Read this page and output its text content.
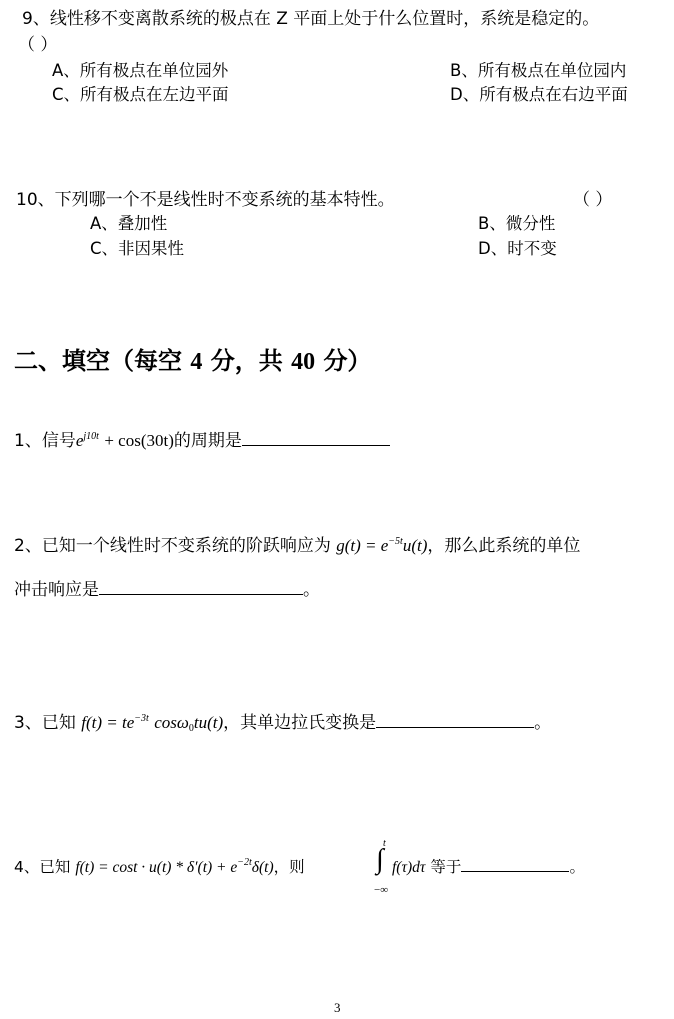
9、线性移不变离散系统的极点在 Z 平面上处于什么位置时，系统是稳定的。
（ ）
A、所有极点在单位园外	B、所有极点在单位园内
C、所有极点在左边平面	D、所有极点在右边平面
10、下列哪一个不是线性时不变系统的基本特性。	（ ）
A、叠加性	B、微分性
C、非因果性	D、时不变
二、填空（每空 4 分，共 40 分）
1、信号$e^{j10t} + \cos(30t)$的周期是
2、已知一个线性时不变系统的阶跃响应为 $g(t) = e^{-5t}u(t)$，那么此系统的单位
冲击响应是	。
3、已知 $f(t) = te^{-3t}$ cosω$_0$tu(t)，其单边拉氏变换是	。
4、已知 $f(t) = \cos t \cdot u(t) * \delta'(t) + e^{-2t}\delta(t)$，则
t
∫
−∞
f(τ)dτ 等于	。
3
